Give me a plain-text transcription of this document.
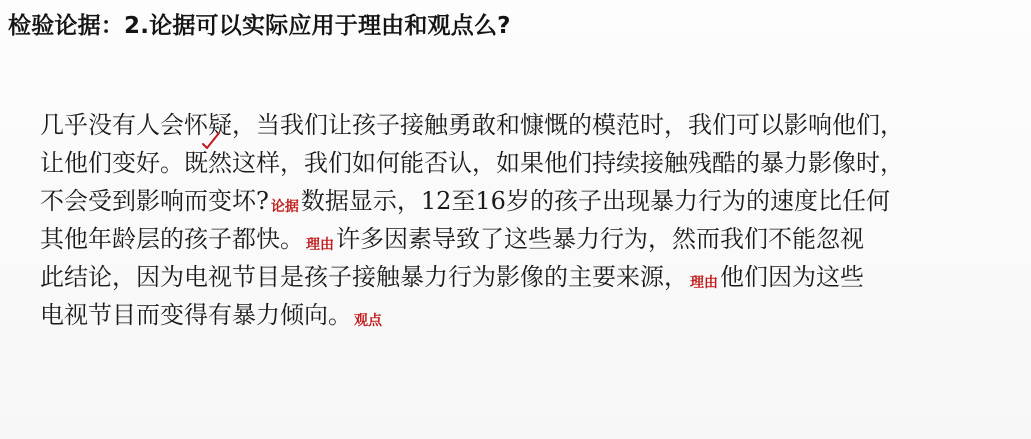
检验论据：2.论据可以实际应用于理由和观点么?
几乎没有人会怀疑，当我们让孩子接触勇敢和慷慨的模范时，我们可以影响他们，
让他们变好。既然这样，我们如何能否认，如果他们持续接触残酷的暴力影像时，
不会受到影响而变坏? 论据数据显示，12至16岁的孩子出现暴力行为的速度比任何
其他年龄层的孩子都快。 理由许多因素导致了这些暴力行为，然而我们不能忽视
此结论，因为电视节目是孩子接触暴力行为影像的主要来源， 理由他们因为这些
电视节目而变得有暴力倾向。 观点
